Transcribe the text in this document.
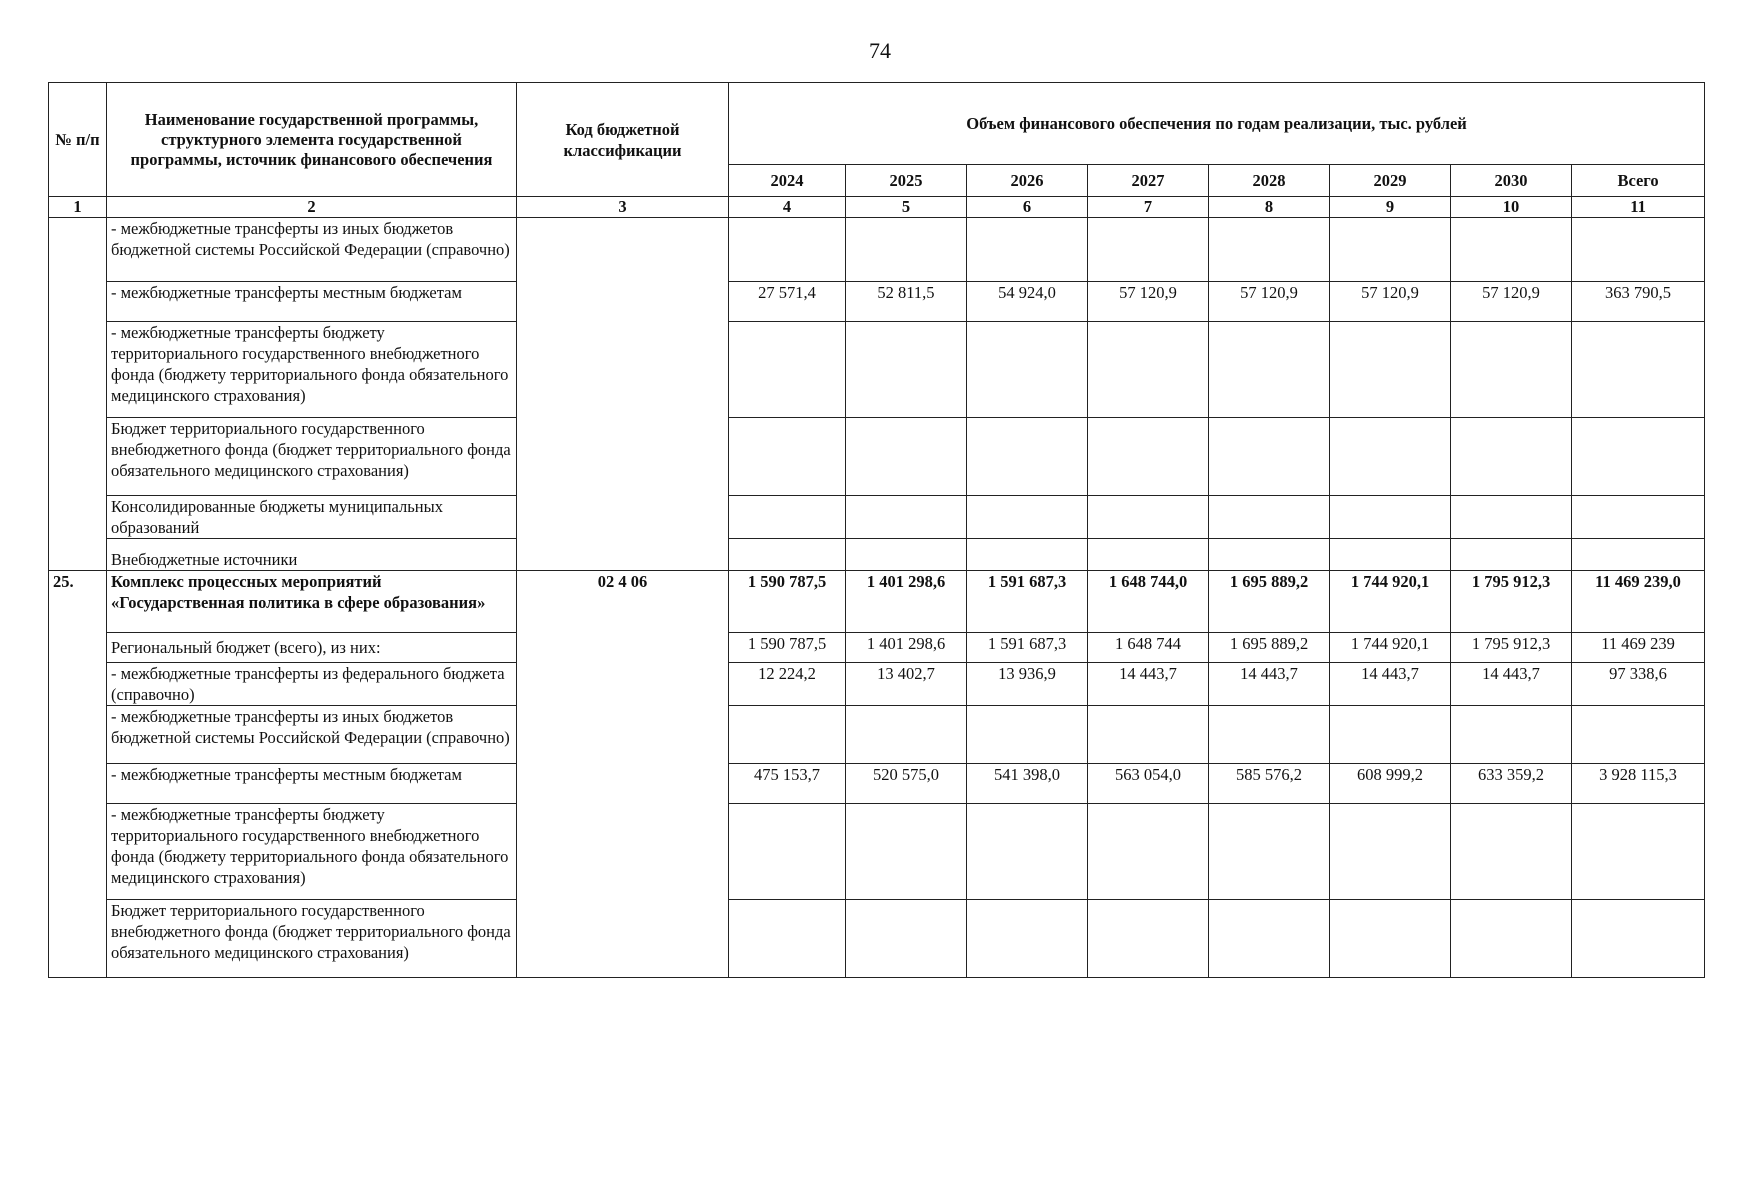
74
№ п/п	Наименование государственной программы, структурного элемента государственной программы, источник финансового обеспечения	Код бюджетной классификации	Объем финансового обеспечения по годам реализации, тыс. рублей							
			2024	2025	2026	2027	2028	2029	2030	Всего
1	2	3	4	5	6	7	8	9	10	11
	- межбюджетные трансферты из иных бюджетов бюджетной системы Российской Федерации (справочно)									
	- межбюджетные трансферты местным бюджетам		27 571,4	52 811,5	54 924,0	57 120,9	57 120,9	57 120,9	57 120,9	363 790,5
	- межбюджетные трансферты бюджету территориального государственного внебюджетного фонда (бюджету территориального фонда обязательного медицинского страхования)									
	Бюджет территориального государственного внебюджетного фонда (бюджет территориального фонда обязательного медицинского страхования)									
	Консолидированные бюджеты муниципальных образований									
	Внебюджетные источники									
25.	Комплекс процессных мероприятий «Государственная политика в сфере образования»	02 4 06	1 590 787,5	1 401 298,6	1 591 687,3	1 648 744,0	1 695 889,2	1 744 920,1	1 795 912,3	11 469 239,0
	Региональный бюджет (всего), из них:		1 590 787,5	1 401 298,6	1 591 687,3	1 648 744	1 695 889,2	1 744 920,1	1 795 912,3	11 469 239
	- межбюджетные трансферты из федерального бюджета (справочно)		12 224,2	13 402,7	13 936,9	14 443,7	14 443,7	14 443,7	14 443,7	97 338,6
	- межбюджетные трансферты из иных бюджетов бюджетной системы Российской Федерации (справочно)									
	- межбюджетные трансферты местным бюджетам		475 153,7	520 575,0	541 398,0	563 054,0	585 576,2	608 999,2	633 359,2	3 928 115,3
	- межбюджетные трансферты бюджету территориального государственного внебюджетного фонда (бюджету территориального фонда обязательного медицинского страхования)									
	Бюджет территориального государственного внебюджетного фонда (бюджет территориального фонда обязательного медицинского страхования)									
